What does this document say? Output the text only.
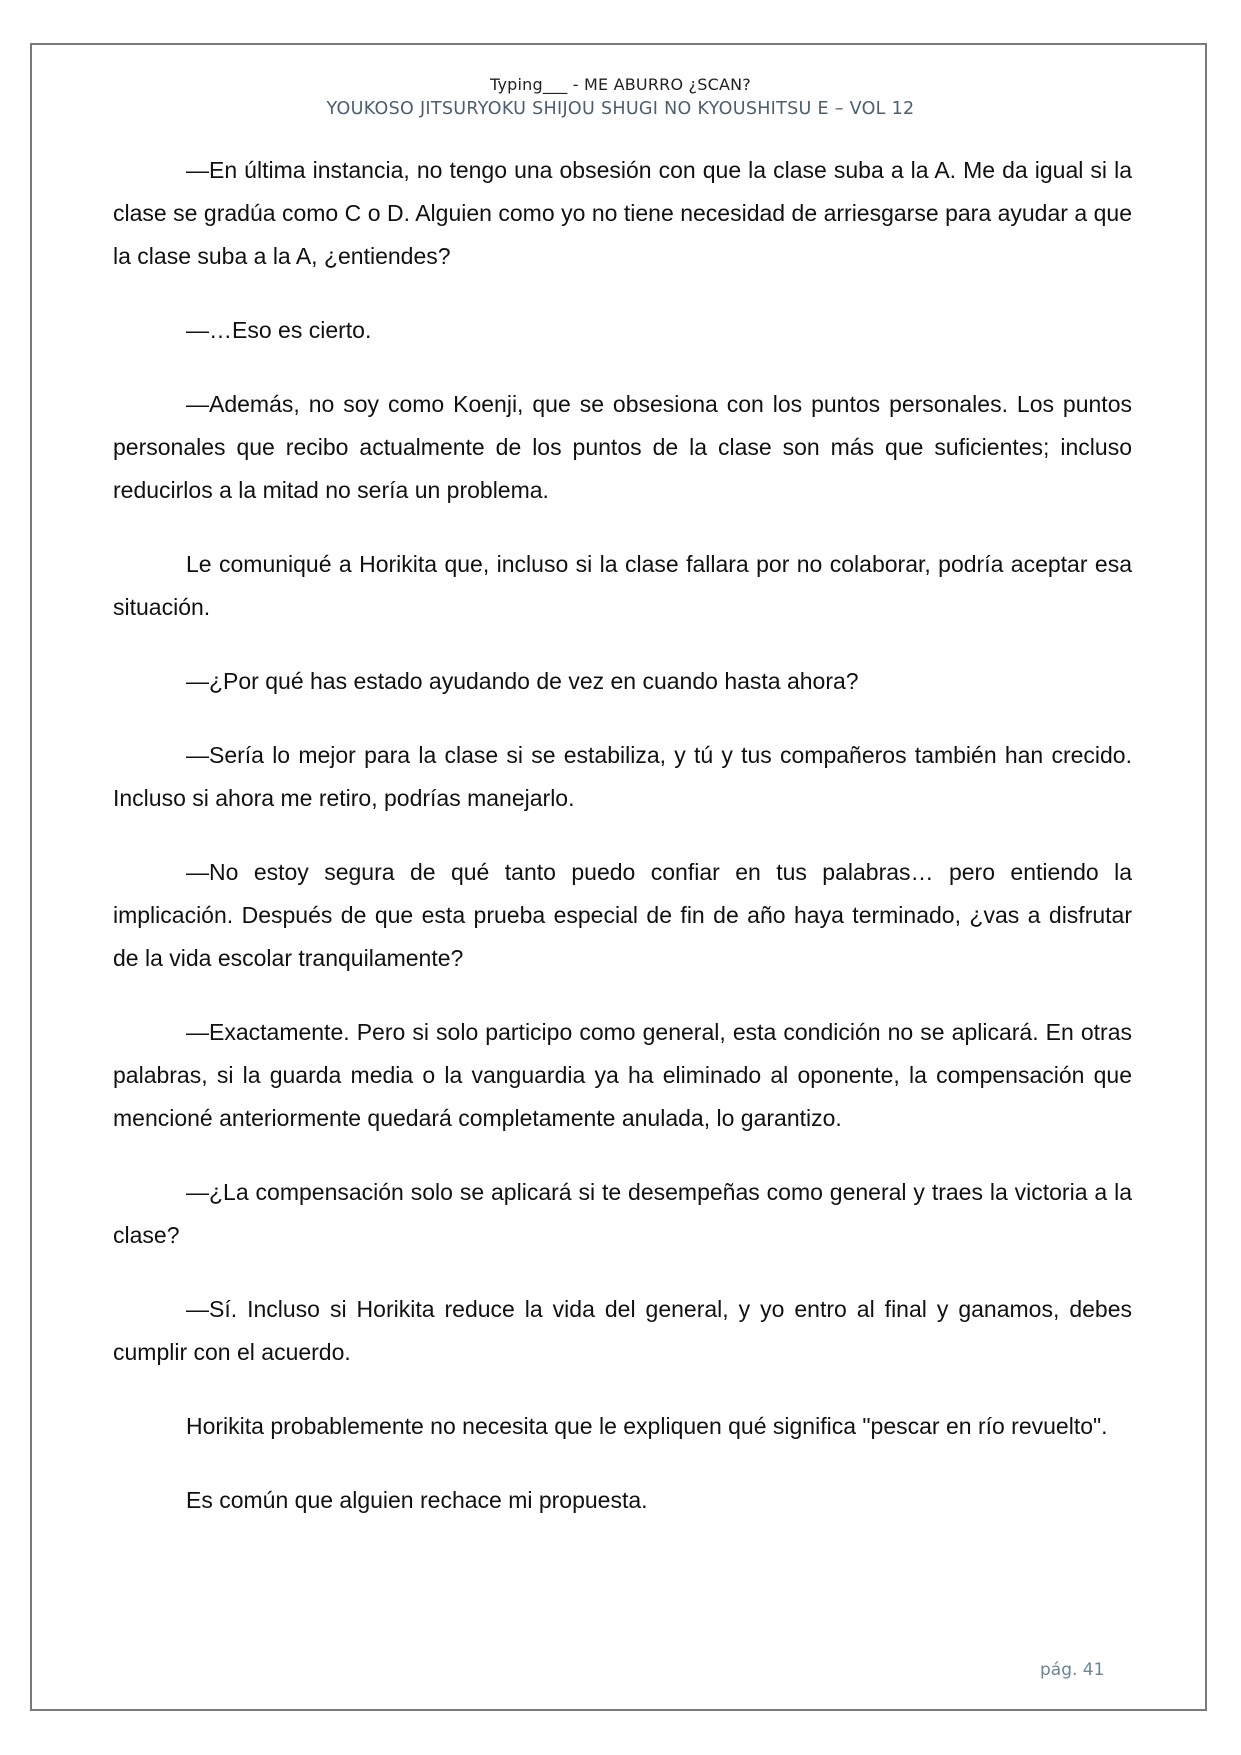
Typing___ - ME ABURRO ¿SCAN?
YOUKOSO JITSURYOKU SHIJOU SHUGI NO KYOUSHITSU E – VOL 12

—En última instancia, no tengo una obsesión con que la clase suba a la A. Me da igual si la clase se gradúa como C o D. Alguien como yo no tiene necesidad de arriesgarse para ayudar a que la clase suba a la A, ¿entiendes?

—…Eso es cierto.

—Además, no soy como Koenji, que se obsesiona con los puntos personales. Los puntos personales que recibo actualmente de los puntos de la clase son más que suficientes; incluso reducirlos a la mitad no sería un problema.

Le comuniqué a Horikita que, incluso si la clase fallara por no colaborar, podría aceptar esa situación.

—¿Por qué has estado ayudando de vez en cuando hasta ahora?

—Sería lo mejor para la clase si se estabiliza, y tú y tus compañeros también han crecido. Incluso si ahora me retiro, podrías manejarlo.

—No estoy segura de qué tanto puedo confiar en tus palabras… pero entiendo la implicación. Después de que esta prueba especial de fin de año haya terminado, ¿vas a disfrutar de la vida escolar tranquilamente?

—Exactamente. Pero si solo participo como general, esta condición no se aplicará. En otras palabras, si la guarda media o la vanguardia ya ha eliminado al oponente, la compensación que mencioné anteriormente quedará completamente anulada, lo garantizo.

—¿La compensación solo se aplicará si te desempeñas como general y traes la victoria a la clase?

—Sí. Incluso si Horikita reduce la vida del general, y yo entro al final y ganamos, debes cumplir con el acuerdo.

Horikita probablemente no necesita que le expliquen qué significa "pescar en río revuelto".

Es común que alguien rechace mi propuesta.

pág. 41
